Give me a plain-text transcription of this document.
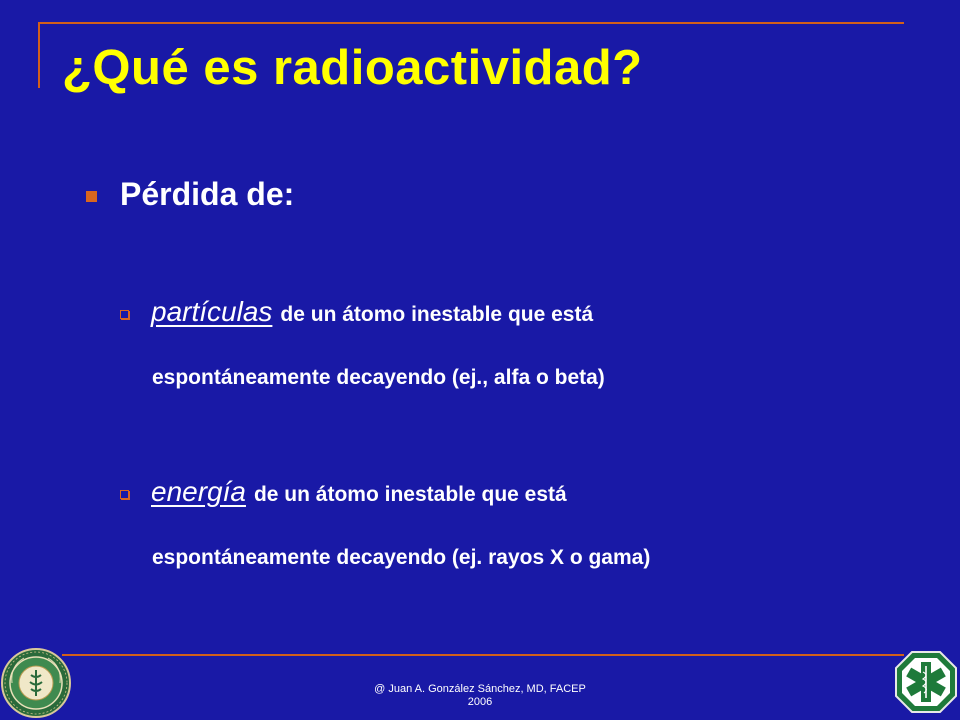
¿Qué es radioactividad?
Pérdida de:
partículas de un átomo inestable que está
espontáneamente decayendo (ej., alfa o beta)
energía de un átomo inestable que está
espontáneamente decayendo (ej. rayos X o gama)
@ Juan A. González Sánchez, MD, FACEP
2006
